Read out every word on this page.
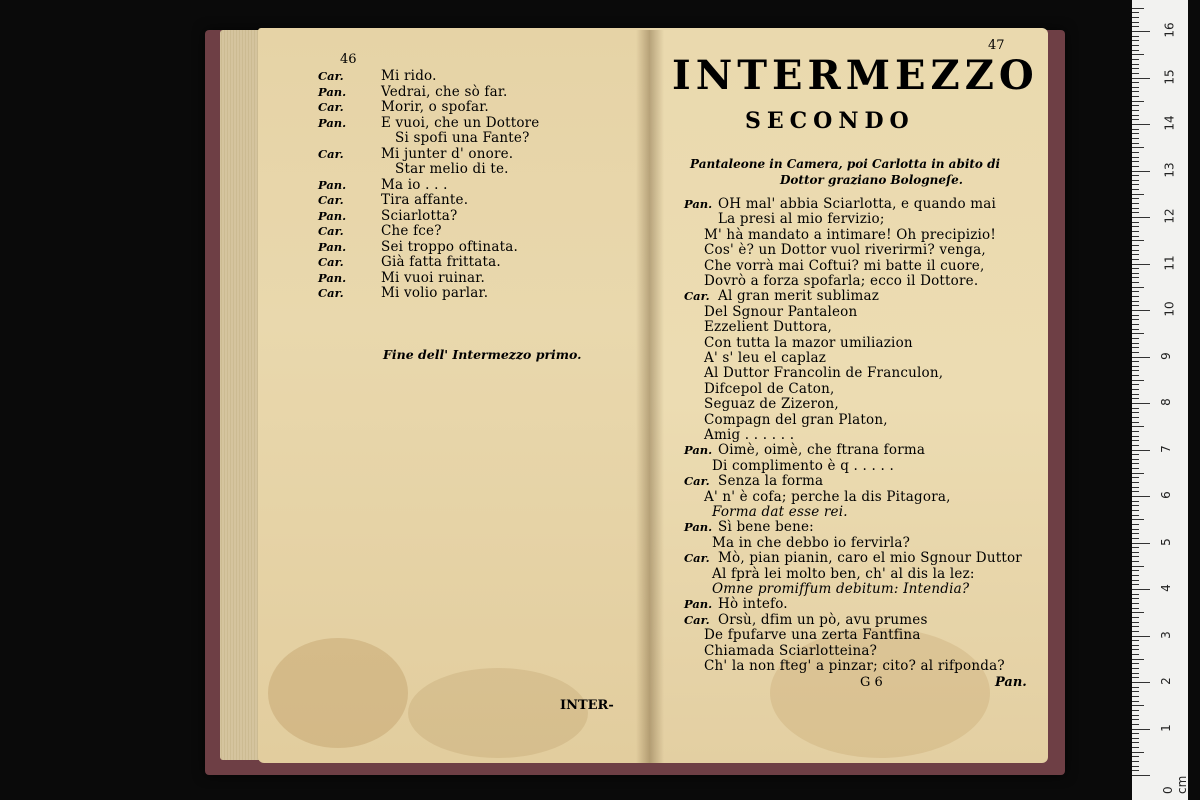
46
Car.	Mi rido.
Pan.	Vedrai, che sò far.
Car.	Morir, o spofar.
Pan.	E vuoi, che un Dottore
Si spofi una Fante?
Car.	Mi junter d' onore.
Star melio di te.
Pan.	Ma io . . .
Car.	Tira affante.
Pan.	Sciarlotta?
Car.	Che fce?
Pan.	Sei troppo oftinata.
Car.	Già fatta frittata.
Pan.	Mi vuoi ruinar.
Car.	Mi volio parlar.
Fine dell' Intermezzo primo.
INTER-
47
INTERMEZZO
SECONDO
Pantaleone in Camera, poi Carlotta in abito di
Dottor graziano Bologneſe.
Pan. OH mal' abbia Sciarlotta, e quando mai
La presi al mio fervizio;
M' hà mandato a intimare! Oh precipizio!
Cos' è? un Dottor vuol riverirmi? venga,
Che vorrà mai Coftui? mi batte il cuore,
Dovrò a forza spofarla; ecco il Dottore.
Car. Al gran merit sublimaz
Del Sgnour Pantaleon
Ezzelient Duttora,
Con tutta la mazor umiliazion
A' s' leu el caplaz
Al Duttor Francolin de Franculon,
Difcepol de Caton,
Seguaz de Zizeron,
Compagn del gran Platon,
Amig . . . . . .
Pan. Oimè, oimè, che ftrana forma
Di complimento è q . . . . .
Car. Senza la forma
A' n' è cofa; perche la dis Pitagora,
Forma dat esse rei.
Pan. Sì bene bene:
Ma in che debbo io fervirla?
Car. Mò, pian pianin, caro el mio Sgnour Duttor
Al fprà lei molto ben, ch' al dis la lez:
Omne promiffum debitum: Intendia?
Pan. Hò intefo.
Car. Orsù, dfim un pò, avu prumes
De fpufarve una zerta Fantfina
Chiamada Sciarlotteina?
Ch' la non fteg' a pinzar; cito? al rifponda?
G 6	Pan.
0 cm
1
2
3
4
5
6
7
8
9
10
11
12
13
14
15
16
